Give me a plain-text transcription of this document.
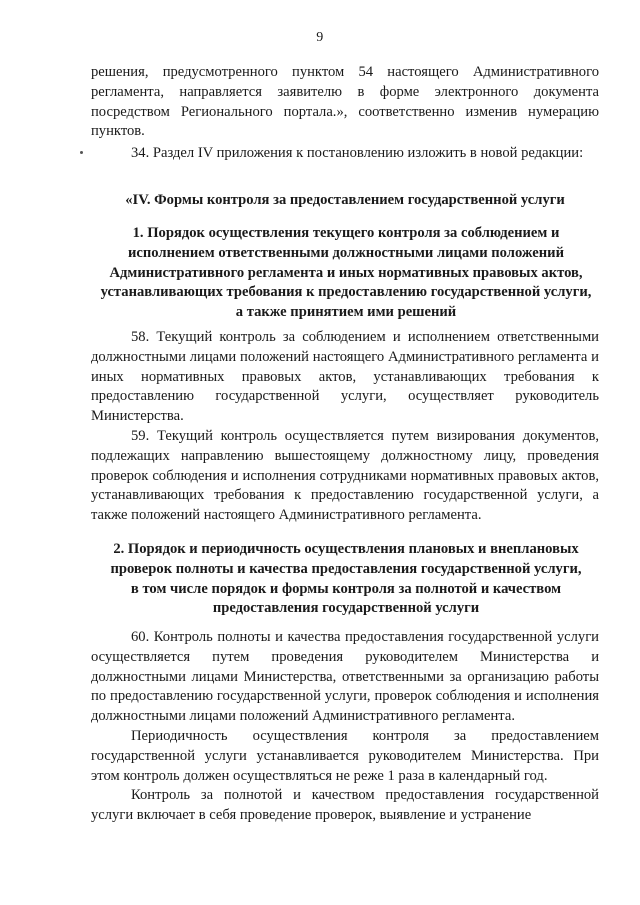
9

решения, предусмотренного пунктом 54 настоящего Административного регламента, направляется заявителю в форме электронного документа посредством Регионального портала.», соответственно изменив нумерацию пунктов.

34. Раздел IV приложения к постановлению изложить в новой редакции:

«IV. Формы контроля за предоставлением государственной услуги

1. Порядок осуществления текущего контроля за соблюдением и исполнением ответственными должностными лицами положений Административного регламента и иных нормативных правовых актов, устанавливающих требования к предоставлению государственной услуги, а также принятием ими решений

58. Текущий контроль за соблюдением и исполнением ответственными должностными лицами положений настоящего Административного регламента и иных нормативных правовых актов, устанавливающих требования к предоставлению государственной услуги, осуществляет руководитель Министерства.

59. Текущий контроль осуществляется путем визирования документов, подлежащих направлению вышестоящему должностному лицу, проведения проверок соблюдения и исполнения сотрудниками нормативных правовых актов, устанавливающих требования к предоставлению государственной услуги, а также положений настоящего Административного регламента.

2. Порядок и периодичность осуществления плановых и внеплановых проверок полноты и качества предоставления государственной услуги, в том числе порядок и формы контроля за полнотой и качеством предоставления государственной услуги

60. Контроль полноты и качества предоставления государственной услуги осуществляется путем проведения руководителем Министерства и должностными лицами Министерства, ответственными за организацию работы по предоставлению государственной услуги, проверок соблюдения и исполнения должностными лицами положений Административного регламента.

Периодичность осуществления контроля за предоставлением государственной услуги устанавливается руководителем Министерства. При этом контроль должен осуществляться не реже 1 раза в календарный год.

Контроль за полнотой и качеством предоставления государственной услуги включает в себя проведение проверок, выявление и устранение
